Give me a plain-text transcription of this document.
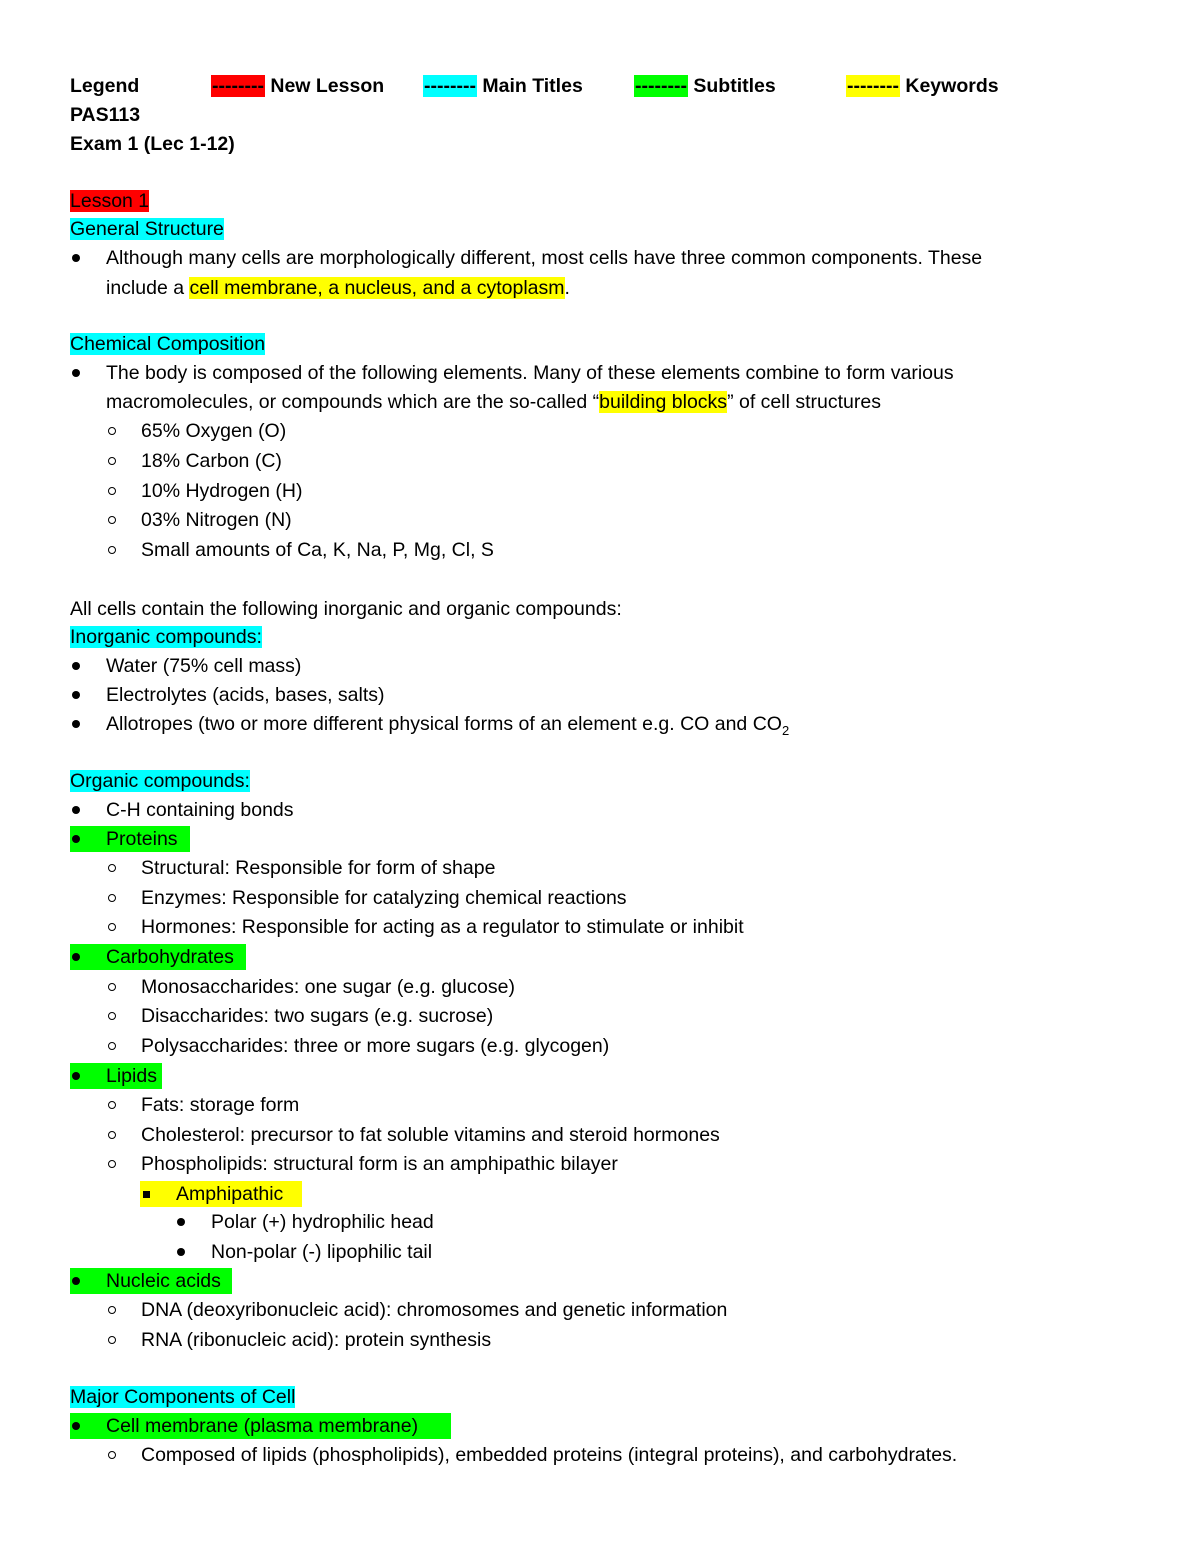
Legend	-------- New Lesson -------- Main Titles	-------- Subtitles	-------- Keywords
PAS113
Exam 1 (Lec 1-12)
Lesson 1
General Structure
Although many cells are morphologically different, most cells have three common components. These
include a cell membrane, a nucleus, and a cytoplasm.
Chemical Composition
The body is composed of the following elements. Many of these elements combine to form various
macromolecules, or compounds which are the so-called “building blocks” of cell structures
65% Oxygen (O)
18% Carbon (C)
10% Hydrogen (H)
03% Nitrogen (N)
Small amounts of Ca, K, Na, P, Mg, Cl, S
All cells contain the following inorganic and organic compounds:
Inorganic compounds:
Water (75% cell mass)
Electrolytes (acids, bases, salts)
Allotropes (two or more different physical forms of an element e.g. CO and $CO_2$
Organic compounds:
C-H containing bonds
Proteins
Structural: Responsible for form of shape
Enzymes: Responsible for catalyzing chemical reactions
Hormones: Responsible for acting as a regulator to stimulate or inhibit
Carbohydrates
Monosaccharides: one sugar (e.g. glucose)
Disaccharides: two sugars (e.g. sucrose)
Polysaccharides: three or more sugars (e.g. glycogen)
Lipids
Fats: storage form
Cholesterol: precursor to fat soluble vitamins and steroid hormones
Phospholipids: structural form is an amphipathic bilayer
Amphipathic
Polar (+) hydrophilic head
Non-polar (-) lipophilic tail
Nucleic acids
DNA (deoxyribonucleic acid): chromosomes and genetic information
RNA (ribonucleic acid): protein synthesis
Major Components of Cell
Cell membrane (plasma membrane)
Composed of lipids (phospholipids), embedded proteins (integral proteins), and carbohydrates.
